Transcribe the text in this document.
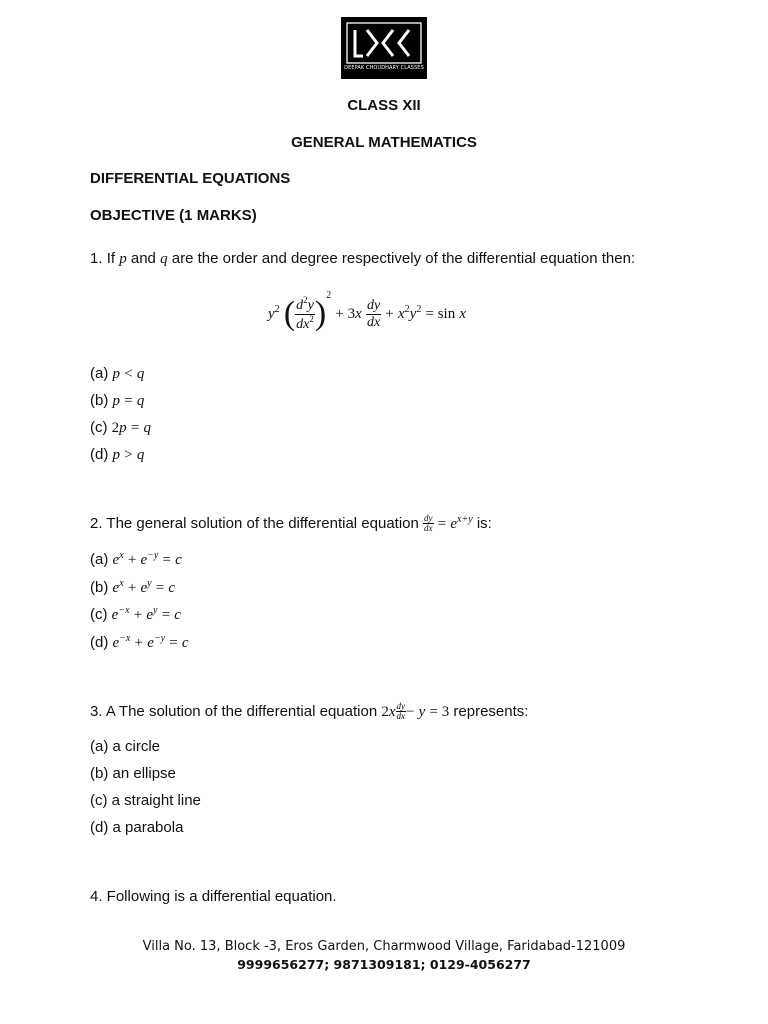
DEEPAK CHOUDHARY CLASSES
CLASS XII
GENERAL MATHEMATICS
DIFFERENTIAL EQUATIONS
OBJECTIVE (1 MARKS)
1. If p and q are the order and degree respectively of the differential equation then:
$y^2$ ( $\frac{d^2y}{dx^2} )^2 + 3x \frac{dy}{dx} + x^2y^2 = \sin x$
(a) p < q
(b) p = q
(c) 2p = q
(d) p > q
2. The general solution of the differential equation $\frac{dy}{dx} = e^{x+y}$ is:
(a) $e^x + e^{-y} = c$
(b) $e^x + e^y = c$
(c) $e^{-x} + e^y = c$
(d) $e^{-x} + e^{-y} = c$
3. A The solution of the differential equation $2x \frac{dy}{dx} - y = 3$ represents:
(a) a circle
(b) an ellipse
(c) a straight line
(d) a parabola
4. Following is a differential equation.
Villa No. 13, Block -3, Eros Garden, Charmwood Village, Faridabad-121009
9999656277; 9871309181; 0129-4056277
